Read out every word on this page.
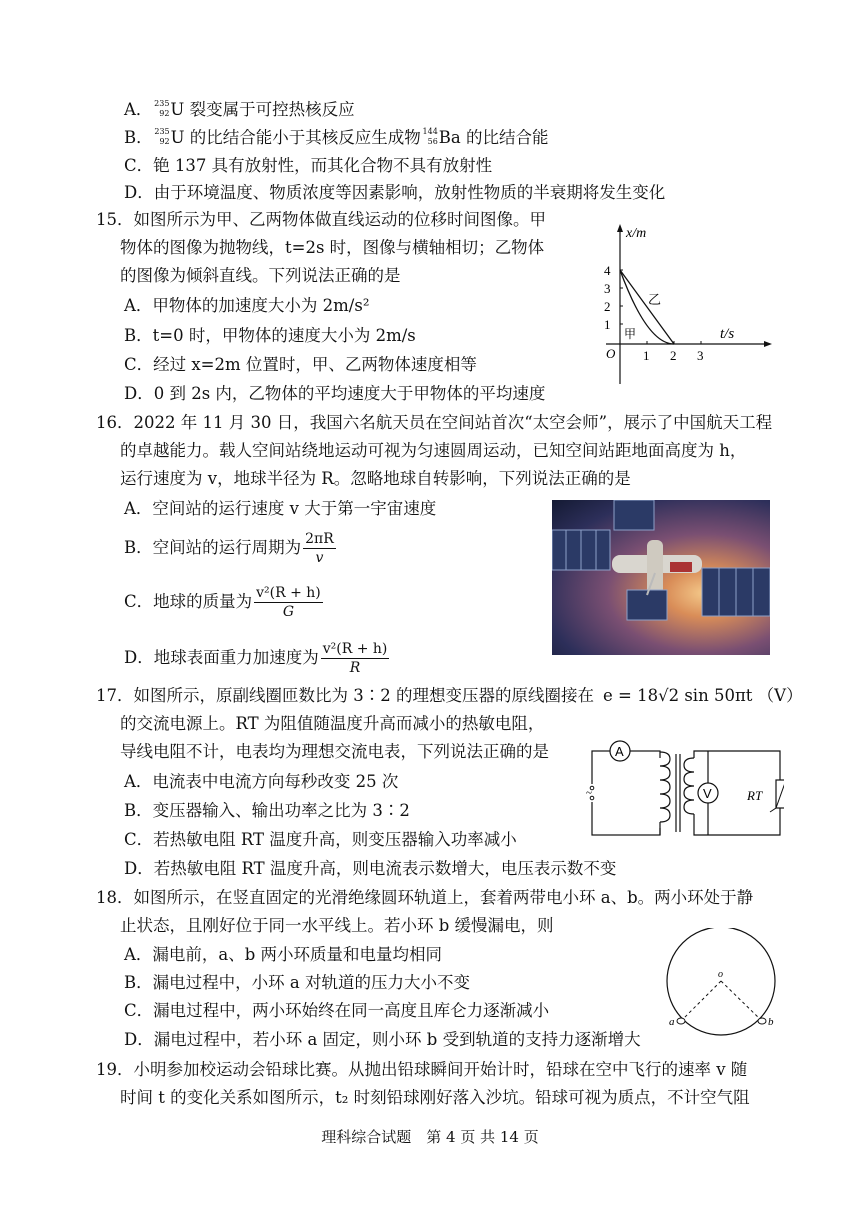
A． 235
92 U 裂变属于可控热核反应
B． 235
92 U 的比结合能小于其核反应生成物 144
56 Ba 的比结合能
C．铯 137 具有放射性，而其化合物不具有放射性
D．由于环境温度、物质浓度等因素影响，放射性物质的半衰期将发生变化
15．如图所示为甲、乙两物体做直线运动的位移时间图像。甲
物体的图像为抛物线，t=2s 时，图像与横轴相切；乙物体
的图像为倾斜直线。下列说法正确的是
A．甲物体的加速度大小为 2m/s²
B．t=0 时，甲物体的速度大小为 2m/s
C．经过 x=2m 位置时，甲、乙两物体速度相等
D．0 到 2s 内，乙物体的平均速度大于甲物体的平均速度
x/m
t/s
O
1
2
3
4
1 2 3
乙
甲
16．2022 年 11 月 30 日，我国六名航天员在空间站首次“太空会师”，展示了中国航天工程
的卓越能力。载人空间站绕地运动可视为匀速圆周运动，已知空间站距地面高度为 h，
运行速度为 v，地球半径为 R。忽略地球自转影响，下列说法正确的是
A．空间站的运行速度 v 大于第一宇宙速度
B．空间站的运行周期为 $\frac{2\pi R}{v}$
C．地球的质量为 $\frac{\text{v²(R + h)}}{G}$
D．地球表面重力加速度为 $\frac{\text{v²(R + h)}}{R}$
17．如图所示，原副线圈匝数比为 3∶2 的理想变压器的原线圈接在 e = 18√2 sin 50πt （V）
的交流电源上。RT 为阻值随温度升高而减小的热敏电阻，
导线电阻不计，电表均为理想交流电表，下列说法正确的是
A．电流表中电流方向每秒改变 25 次
B．变压器输入、输出功率之比为 3∶2
C．若热敏电阻 RT 温度升高，则变压器输入功率减小
D．若热敏电阻 RT 温度升高，则电流表示数增大，电压表示数不变
~
A
V	RT
18．如图所示，在竖直固定的光滑绝缘圆环轨道上，套着两带电小环 a、b。两小环处于静
止状态，且刚好位于同一水平线上。若小环 b 缓慢漏电，则
A．漏电前，a、b 两小环质量和电量均相同
B．漏电过程中，小环 a 对轨道的压力大小不变
C．漏电过程中，两小环始终在同一高度且库仑力逐渐减小
D．漏电过程中，若小环 a 固定，则小环 b 受到轨道的支持力逐渐增大
o
a	b
19．小明参加校运动会铅球比赛。从抛出铅球瞬间开始计时，铅球在空中飞行的速率 v 随
时间 t 的变化关系如图所示，t₂ 时刻铅球刚好落入沙坑。铅球可视为质点，不计空气阻
理科综合试题　第 4 页 共 14 页
